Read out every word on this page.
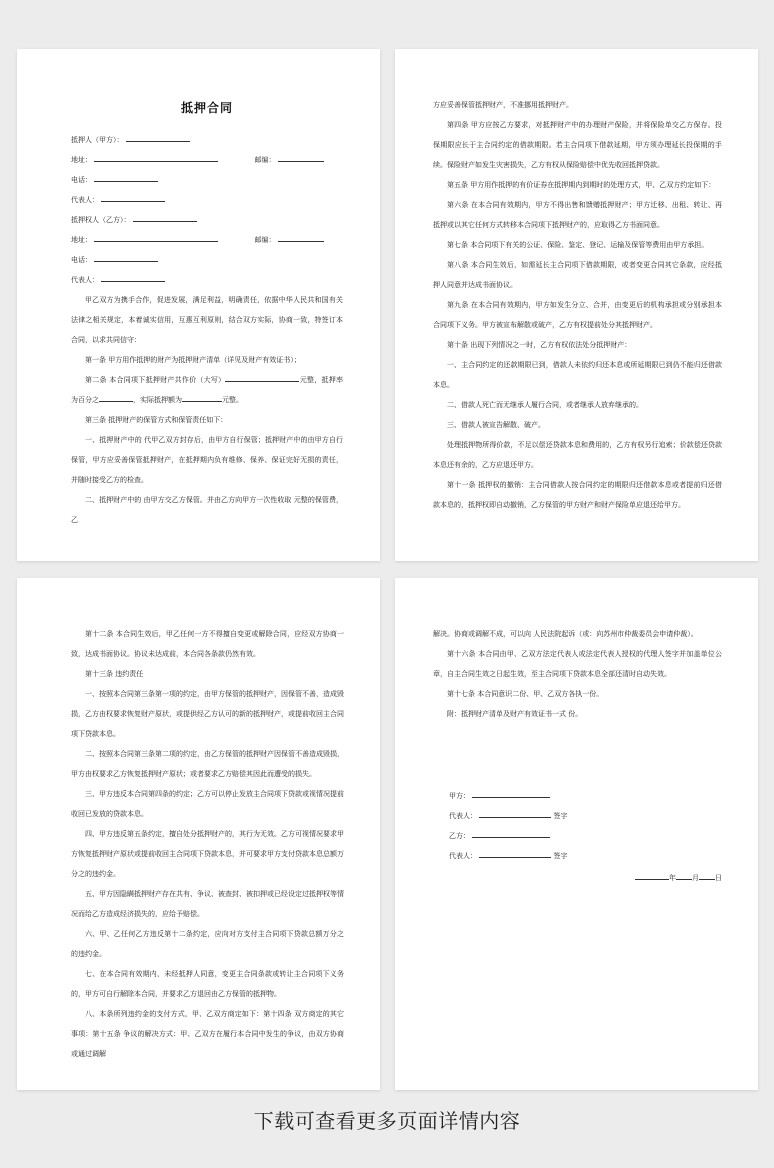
抵押合同
抵押人（甲方）：
地址：	邮编：
电话：
代表人：
抵押权人（乙方）：
地址：	邮编：
电话：
代表人：

甲乙双方为携手合作，促进发展，满足利益，明确责任，依据中华人民共和国有关法律之相关规定，本着诚实信用，互惠互利原则，结合双方实际，协商一致，特签订本合同，以求共同信守：

第一条 甲方用作抵押的财产为抵押财产清单（详见及财产有效证书）；

第二条 本合同项下抵押财产共作价（大写）	元整，抵押率为百分之	，实际抵押额为	元整。

第三条 抵押财产的保管方式和保管责任如下：

一、抵押财产中的 代甲乙双方封存后，由甲方自行保管；抵押财产中的由甲方自行保管，甲方应妥善保管抵押财产，在抵押期内负有维修、保养、保证完好无损的责任，并随时接受乙方的检查。

二、抵押财产中的 由甲方交乙方保管。并由乙方向甲方一次性收取 元整的保管费，乙

方应妥善保管抵押财产，不准挪用抵押财产。

第四条 甲方应按乙方要求，对抵押财产中的办理财产保险，并将保险单交乙方保存。投保期限应长于主合同约定的借款期限。若主合同项下借款延期，甲方须办理延长投保期的手续。保险财产如发生灾害损失，乙方有权从保险赔偿中优先收回抵押贷款。

第五条 甲方用作抵押的有价证券在抵押期内到期时的处理方式，甲、乙双方约定如下：

第六条 在本合同有效期内，甲方不得出售和馈赠抵押财产；甲方迁移、出租、转让、再抵押或以其它任何方式转移本合同项下抵押财产的，应取得乙方书面同意。

第七条 本合同项下有关的公证、保险、鉴定、登记、运输及保管等费用由甲方承担。

第八条 本合同生效后，如需延长主合同项下借款期限，或者变更合同其它条款，应经抵押人同意并达成书面协议。

第九条 在本合同有效期内，甲方如发生分立、合并，由变更后的机构承担或分别承担本合同项下义务。甲方被宣布解散或破产，乙方有权提前处分其抵押财产。

第十条 出现下列情况之一时，乙方有权依法处分抵押财产：

一、主合同约定的还款期限已到，借款人未依约归还本息或所延期限已到仍不能归还借款本息。

二、借款人死亡而无继承人履行合同，或者继承人放弃继承的。

三、借款人被宣告解散、破产。

处理抵押物所得价款，不足以偿还贷款本息和费用的，乙方有权另行追索；价款偿还贷款本息还有余的，乙方应退还甲方。

第十一条 抵押权的撤销：主合同借款人按合同约定的期限归还借款本息或者提前归还借款本息的，抵押权即自动撤销，乙方保管的甲方财产和财产保险单应退还给甲方。

第十二条 本合同生效后，甲乙任何一方不得擅自变更或解除合同，应经双方协商一致，达成书面协议。协议未达成前，本合同各条款仍然有效。

第十三条 违约责任

一、按照本合同第三条第一项的约定，由甲方保管的抵押财产，因保管不善，造成毁损，乙方由权要求恢复财产原状，或提供经乙方认可的新的抵押财产，或提前收回主合同项下贷款本息。

二、按照本合同第三条第二项的约定，由乙方保管的抵押财产因保管不善造成毁损，甲方由权要求乙方恢复抵押财产原状；或者要求乙方赔偿其因此而遭受的损失。

三、甲方违反本合同第四条的约定；乙方可以停止发放主合同项下贷款或视情况提前收回已发放的贷款本息。

四、甲方违反第五条约定，擅自处分抵押财产的，其行为无效。乙方可视情况要求甲方恢复抵押财产原状或提前收回主合同项下贷款本息，并可要求甲方支付贷款本息总额万分之的违约金。

五、甲方因隐瞒抵押财产存在共有、争议、被查封、被扣押或已经设定过抵押权等情况而给乙方造成经济损失的，应给予赔偿。

六、甲、乙任何乙方违反第十二条约定，应向对方支付主合同项下贷款总额万分之 的违约金。

七、在本合同有效期内，未经抵押人同意，变更主合同条款或转让主合同项下义务的，甲方可自行解除本合同，并要求乙方退回由乙方保管的抵押物。

八、本条所列违约金的支付方式，甲、乙双方商定如下：第十四条 双方商定的其它事项：第十五条 争议的解决方式：甲、乙双方在履行本合同中发生的争议，由双方协商或通过调解

解决。协商或调解不成，可以向 人民法院起诉（或：向苏州市仲裁委员会申请仲裁）。

第十六条 本合同由甲、乙双方法定代表人或法定代表人授权的代理人签字并加盖单位公章，自主合同生效之日起生效，至主合同项下贷款本息全部还清时自动失效。

第十七条 本合同意识二份、甲、乙双方各执一份。

附：抵押财产清单及财产有效证书一式 份。

甲方：
代表人：	签字
乙方：
代表人：	签字
年 月 日
下载可查看更多页面详情内容
